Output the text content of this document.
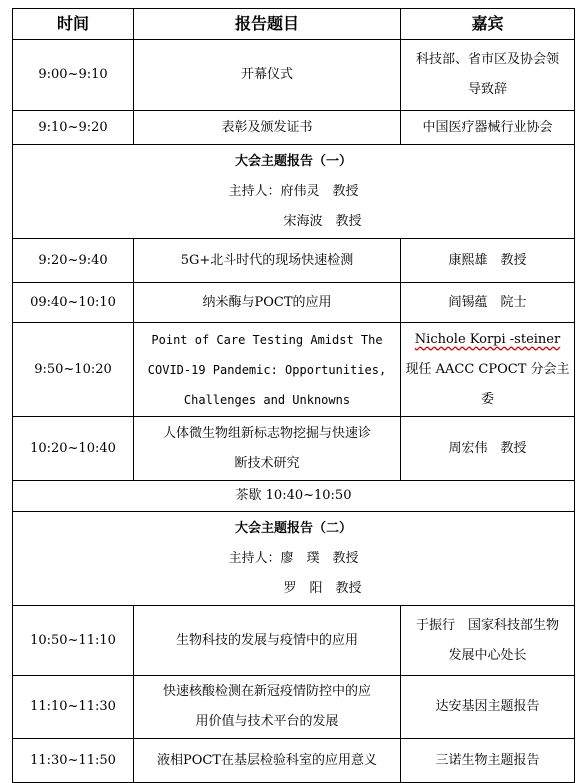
时间	报告题目	嘉宾
9:00~9:10	开幕仪式	科技部、省市区及协会领
导致辞

9:10~9:20	表彰及颁发证书	中国医疗器械行业协会

大会主题报告（一）
主持人：府伟灵　教授
宋海波　教授		

9:20~9:40	5G+北斗时代的现场快速检测	康熙雄　教授

09:40~10:10	纳米酶与POCT的应用	阎锡蕴　院士

9:50~10:20	Point of Care Testing Amidst The
COVID-19 Pandemic: Opportunities,
Challenges and Unknowns	Nichole Korpi -steiner
现任 AACC CPOCT 分会主委

10:20~10:40	人体微生物组新标志物挖掘与快速诊
断技术研究	周宏伟　教授

茶歇 10:40~10:50		

大会主题报告（二）
主持人：廖　璞　教授
罗　阳　教授		

10:50~11:10	生物科技的发展与疫情中的应用	于振行　国家科技部生物
发展中心处长

11:10~11:30	快速核酸检测在新冠疫情防控中的应
用价值与技术平台的发展	达安基因主题报告

11:30~11:50	液相POCT在基层检验科室的应用意义	三诺生物主题报告
